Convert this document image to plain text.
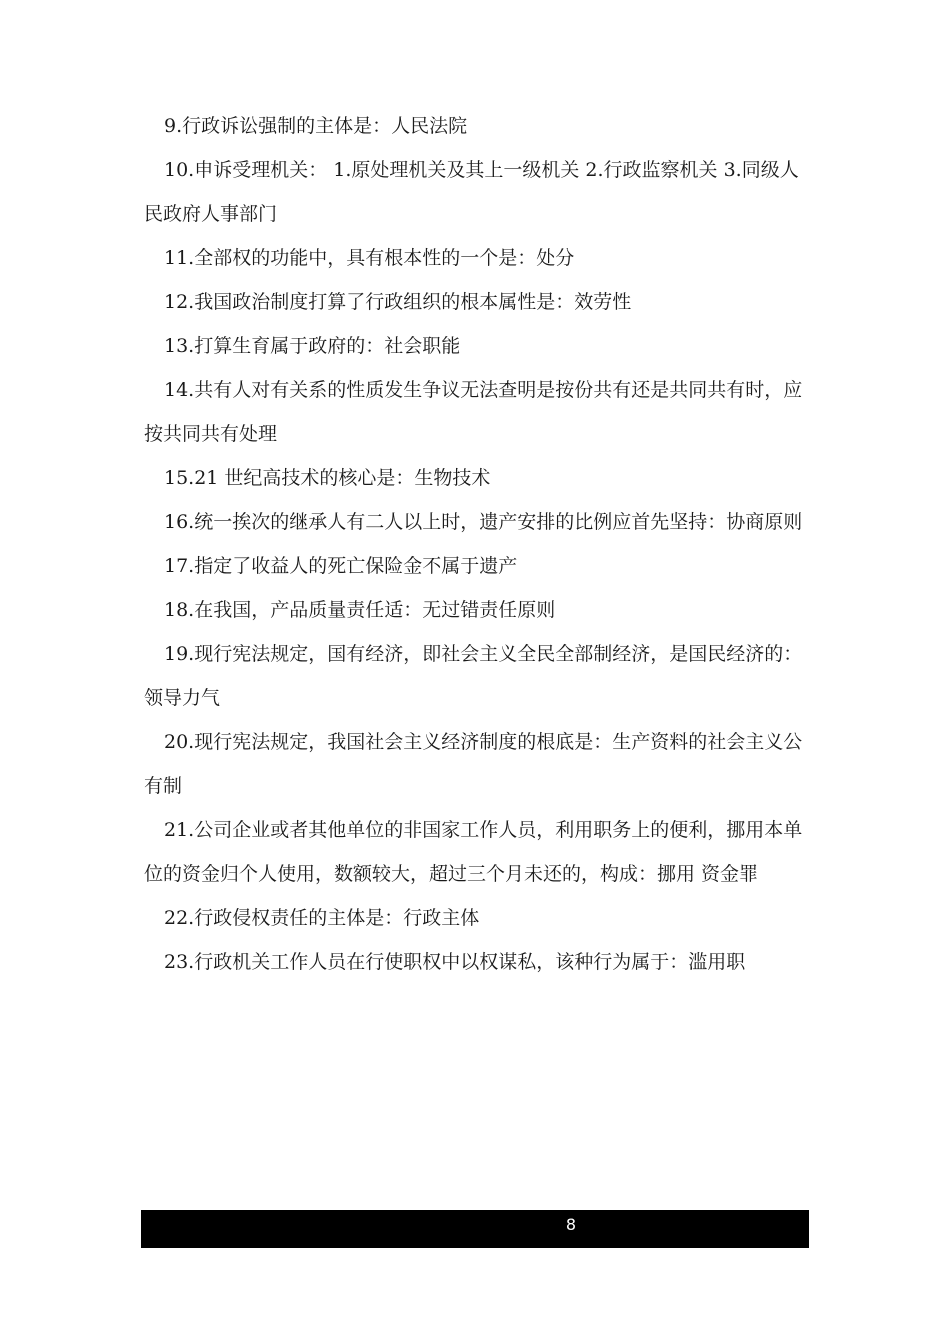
9.行政诉讼强制的主体是：人民法院

10.申诉受理机关： 1.原处理机关及其上一级机关 2.行政监察机关 3.同级人民政府人事部门

11.全部权的功能中，具有根本性的一个是：处分

12.我国政治制度打算了行政组织的根本属性是：效劳性

13.打算生育属于政府的：社会职能

14.共有人对有关系的性质发生争议无法查明是按份共有还是共同共有时，应按共同共有处理

15.21 世纪高技术的核心是：生物技术

16.统一挨次的继承人有二人以上时，遗产安排的比例应首先坚持：协商原则

17.指定了收益人的死亡保险金不属于遗产

18.在我国，产品质量责任适：无过错责任原则

19.现行宪法规定，国有经济，即社会主义全民全部制经济，是国民经济的：领导力气

20.现行宪法规定，我国社会主义经济制度的根底是：生产资料的社会主义公有制

21.公司企业或者其他单位的非国家工作人员，利用职务上的便利，挪用本单位的资金归个人使用，数额较大，超过三个月未还的，构成：挪用 资金罪

22.行政侵权责任的主体是：行政主体

23.行政机关工作人员在行使职权中以权谋私，该种行为属于：滥用职

8
